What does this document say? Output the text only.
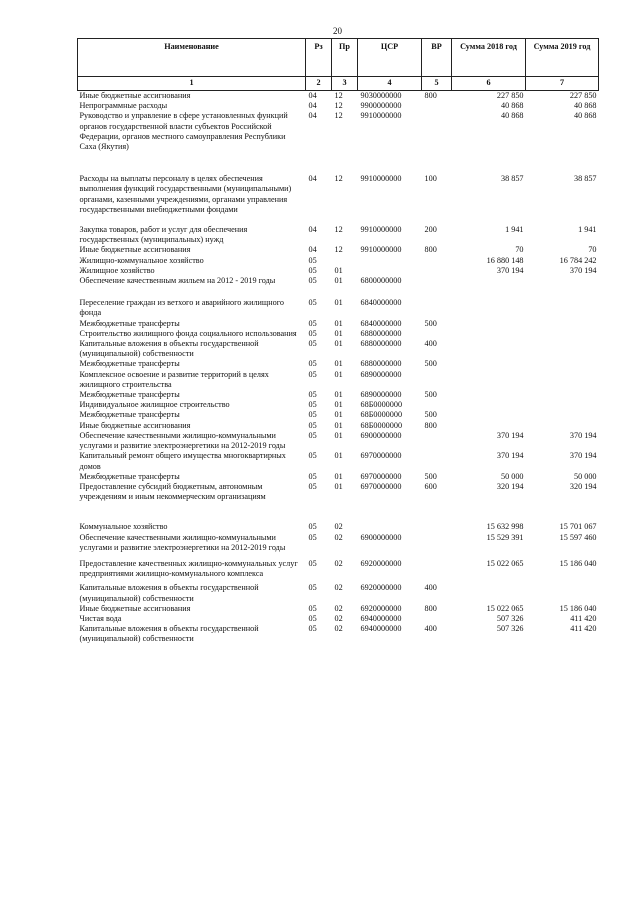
20
Наименование	Рз	Пр	ЦСР	ВР	Сумма 2018 год	Сумма 2019 год
1	2	3	4	5	6	7
Иные бюджетные ассигнования	04	12	9030000000	800	227 850	227 850
Непрограммные расходы	04	12	9900000000		40 868	40 868
Руководство и управление в сфере установленных функций органов государственной власти субъектов Российской Федерации, органов местного самоуправления Республики Саха (Якутия)	04	12	9910000000		40 868	40 868

Расходы на выплаты персоналу в целях обеспечения выполнения функций государственными (муниципальными) органами, казенными учреждениями, органами управления государственными внебюджетными фондами	04	12	9910000000	100	38 857	38 857

Закупка товаров, работ и услуг для обеспечения государственных (муниципальных) нужд	04	12	9910000000	200	1 941	1 941
Иные бюджетные ассигнования	04	12	9910000000	800	70	70
Жилищно-коммунальное хозяйство	05				16 880 148	16 784 242
Жилищное хозяйство	05	01			370 194	370 194
Обеспечение качественным жильем на 2012 - 2019 годы	05	01	6800000000			

Переселение граждан из ветхого и аварийного жилищного фонда	05	01	6840000000			
Межбюджетные трансферты	05	01	6840000000	500		
Строительство жилищного фонда социального использования	05	01	6880000000			
Капитальные вложения в объекты государственной (муниципальной) собственности	05	01	6880000000	400		
Межбюджетные трансферты	05	01	6880000000	500		
Комплексное освоение и развитие территорий в целях жилищного строительства	05	01	6890000000			
Межбюджетные трансферты	05	01	6890000000	500		
Индивидуальное жилищное строительство	05	01	68Б0000000			
Межбюджетные трансферты	05	01	68Б0000000	500		
Иные бюджетные ассигнования	05	01	68Б0000000	800		
Обеспечение качественными жилищно-коммунальными услугами и развитие электроэнергетики на 2012-2019 годы	05	01	6900000000		370 194	370 194
Капитальный ремонт общего имущества многоквартирных домов	05	01	6970000000		370 194	370 194
Межбюджетные трансферты	05	01	6970000000	500	50 000	50 000
Предоставление субсидий бюджетным, автономным учреждениям и иным некоммерческим организациям	05	01	6970000000	600	320 194	320 194

Коммунальное хозяйство	05	02			15 632 998	15 701 067
Обеспечение качественными жилищно-коммунальными услугами и развитие электроэнергетики на 2012-2019 годы	05	02	6900000000		15 529 391	15 597 460

Предоставление качественных жилищно-коммунальных услуг предприятиями жилищно-коммунального комплекса	05	02	6920000000		15 022 065	15 186 040

Капитальные вложения в объекты государственной (муниципальной) собственности	05	02	6920000000	400		
Иные бюджетные ассигнования	05	02	6920000000	800	15 022 065	15 186 040
Чистая вода	05	02	6940000000		507 326	411 420
Капитальные вложения в объекты государственной (муниципальной) собственности	05	02	6940000000	400	507 326	411 420
